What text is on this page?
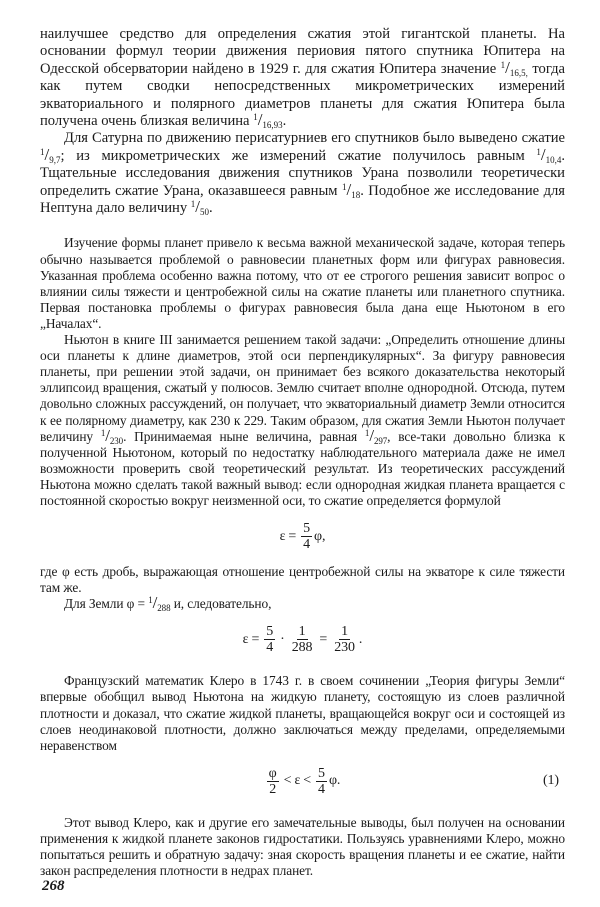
наилучшее средство для определения сжатия этой гигантской планеты. На основании формул теории движения периовия пятого спутника Юпитера на Одесской обсерватории найдено в 1929 г. для сжатия Юпитера значение $^1/_{16,5,}$ тогда как путем сводки непосредственных микрометрических измерений экваториального и полярного диаметров планеты для сжатия Юпитера была получена очень близкая величина $^1/_{16,93}$.

Для Сатурна по движению перисатурниев его спутников было выведено сжатие $^1/_{9,7}$; из микрометрических же измерений сжатие получилось равным $^1/_{10,4}$. Тщательные исследования движения спутников Урана позволили теоретически определить сжатие Урана, оказавшееся равным $^1/_{18}$. Подобное же исследование для Нептуна дало величину $^1/_{50}$.

Изучение формы планет привело к весьма важной механической задаче, которая теперь обычно называется проблемой о равновесии планетных форм или фигурах равновесия. Указанная проблема особенно важна потому, что от ее строгого решения зависит вопрос о влиянии силы тяжести и центробежной силы на сжатие планеты или планетного спутника. Первая постановка проблемы о фигурах равновесия была дана еще Ньютоном в его „Началах“.

Ньютон в книге III занимается решением такой задачи: „Определить отношение длины оси планеты к длине диаметров, этой оси перпендикулярных“. За фигуру равновесия планеты, при решении этой задачи, он принимает без всякого доказательства некоторый эллипсоид вращения, сжатый у полюсов. Землю считает вполне однородной. Отсюда, путем довольно сложных рассуждений, он получает, что экваториальный диаметр Земли относится к ее полярному диаметру, как 230 к 229. Таким образом, для сжатия Земли Ньютон получает величину $^1/_{230}$. Принимаемая ныне величина, равная $^1/_{297}$, все-таки довольно близка к полученной Ньютоном, который по недостатку наблюдательного материала даже не имел возможности проверить свой теоретический результат. Из теоретических рассуждений Ньютона можно сделать такой важный вывод: если однородная жидкая планета вращается с постоянной скоростью вокруг неизменной оси, то сжатие определяется формулой

$\varepsilon = \frac{5}{4} \varphi$,

где φ есть дробь, выражающая отношение центробежной силы на экваторе к силе тяжести там же.

Для Земли $\varphi = ^1/_{288}$ и, следовательно,

$\varepsilon = \frac{5}{4} \cdot \frac{1}{288} = \frac{1}{230}$ .

Французский математик Клеро в 1743 г. в своем сочинении „Теория фигуры Земли“ впервые обобщил вывод Ньютона на жидкую планету, состоящую из слоев различной плотности и доказал, что сжатие жидкой планеты, вращающейся вокруг оси и состоящей из слоев неодинаковой плотности, должно заключаться между пределами, определяемыми неравенством

$\frac{\varphi}{2} < \varepsilon < \frac{5}{4} \varphi$.	(1)

Этот вывод Клеро, как и другие его замечательные выводы, был получен на основании применения к жидкой планете законов гидростатики. Пользуясь уравнениями Клеро, можно попытаться решить и обратную задачу: зная скорость вращения планеты и ее сжатие, найти закон распределения плотности в недрах планет.

268
